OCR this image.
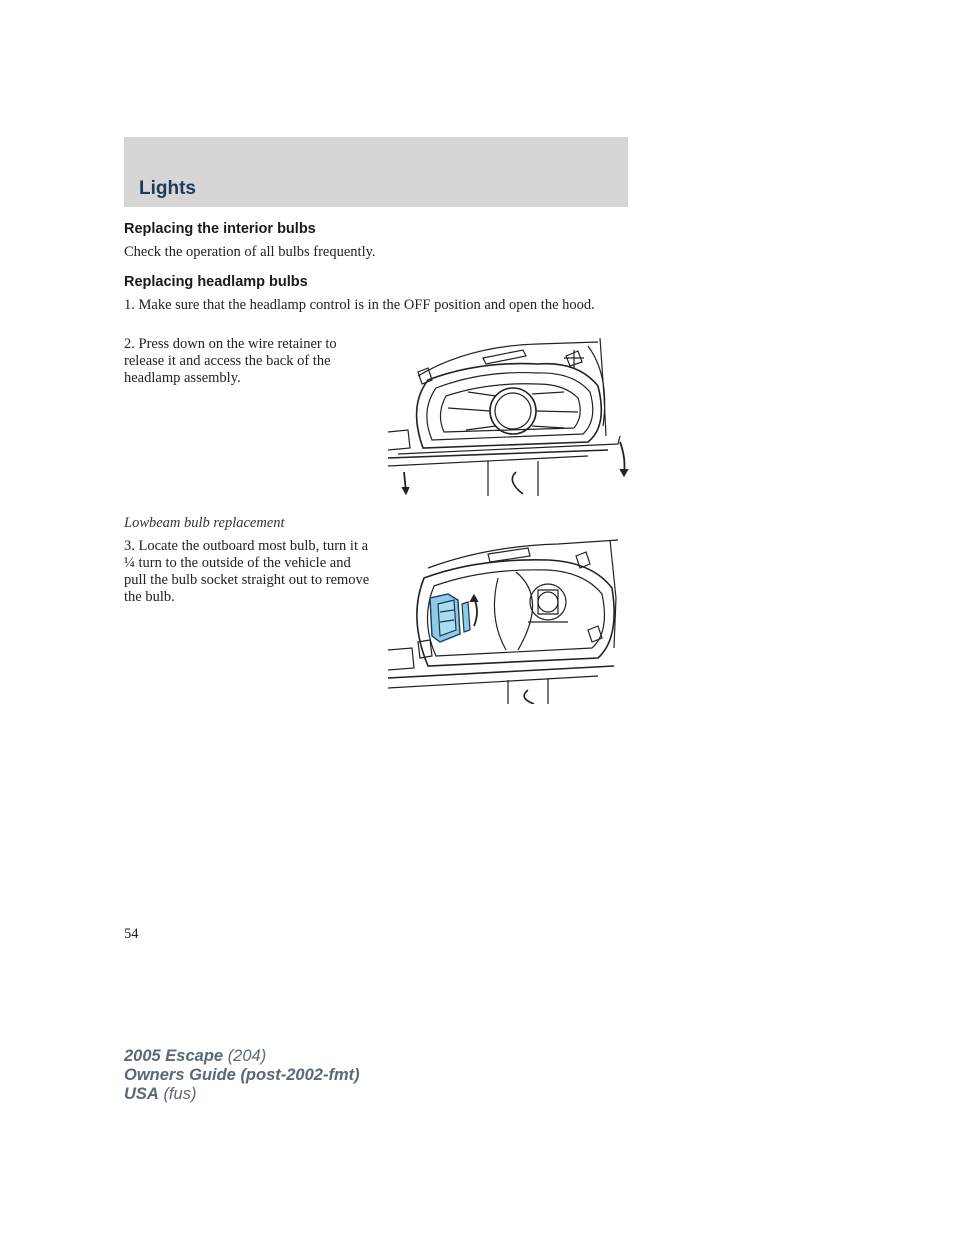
Lights
Replacing the interior bulbs

Check the operation of all bulbs frequently.

Replacing headlamp bulbs

1. Make sure that the headlamp control is in the OFF position and open the hood.

2. Press down on the wire retainer to release it and access the back of the headlamp assembly.

Lowbeam bulb replacement

3. Locate the outboard most bulb, turn it a ¼ turn to the outside of the vehicle and pull the bulb socket straight out to remove the bulb.

54
2005 Escape (204)
Owners Guide (post-2002-fmt)
USA (fus)
